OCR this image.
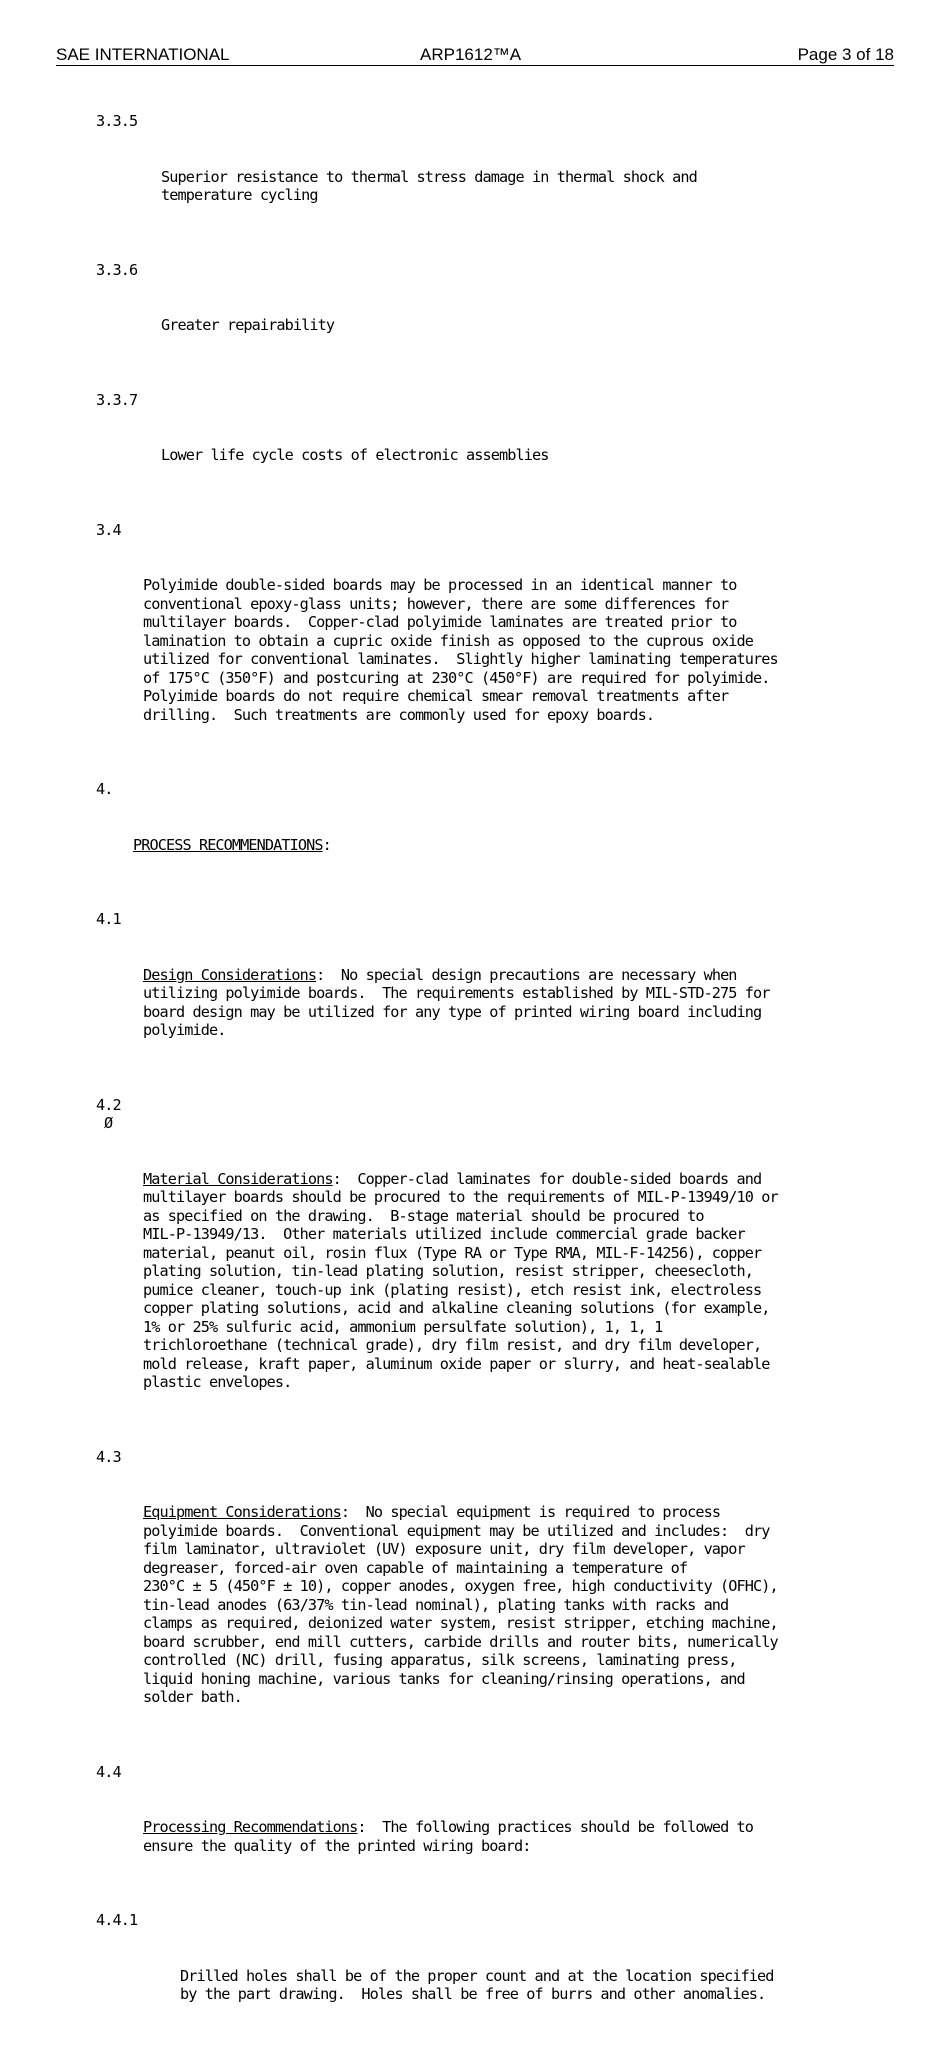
SAE INTERNATIONAL	ARP1612™A	Page 3 of 18

3.3.5

Superior resistance to thermal stress damage in thermal shock and
temperature cycling

3.3.6

Greater repairability

3.3.7

Lower life cycle costs of electronic assemblies

3.4

Polyimide double-sided boards may be processed in an identical manner to
conventional epoxy-glass units; however, there are some differences for
multilayer boards.  Copper-clad polyimide laminates are treated prior to
lamination to obtain a cupric oxide finish as opposed to the cuprous oxide
utilized for conventional laminates.  Slightly higher laminating temperatures
of 175°C (350°F) and postcuring at 230°C (450°F) are required for polyimide.
Polyimide boards do not require chemical smear removal treatments after
drilling.  Such treatments are commonly used for epoxy boards.

4.

PROCESS RECOMMENDATIONS:

4.1

Design Considerations:  No special design precautions are necessary when
utilizing polyimide boards.  The requirements established by MIL-STD-275 for
board design may be utilized for any type of printed wiring board including
polyimide.

4.2

Ø

Material Considerations:  Copper-clad laminates for double-sided boards and
multilayer boards should be procured to the requirements of MIL-P-13949/10 or
as specified on the drawing.  B-stage material should be procured to
MIL-P-13949/13.  Other materials utilized include commercial grade backer
material, peanut oil, rosin flux (Type RA or Type RMA, MIL-F-14256), copper
plating solution, tin-lead plating solution, resist stripper, cheesecloth,
pumice cleaner, touch-up ink (plating resist), etch resist ink, electroless
copper plating solutions, acid and alkaline cleaning solutions (for example,
1% or 25% sulfuric acid, ammonium persulfate solution), 1, 1, 1
trichloroethane (technical grade), dry film resist, and dry film developer,
mold release, kraft paper, aluminum oxide paper or slurry, and heat-sealable
plastic envelopes.

4.3

Equipment Considerations:  No special equipment is required to process
polyimide boards.  Conventional equipment may be utilized and includes:  dry
film laminator, ultraviolet (UV) exposure unit, dry film developer, vapor
degreaser, forced-air oven capable of maintaining a temperature of
230°C ± 5 (450°F ± 10), copper anodes, oxygen free, high conductivity (OFHC),
tin-lead anodes (63/37% tin-lead nominal), plating tanks with racks and
clamps as required, deionized water system, resist stripper, etching machine,
board scrubber, end mill cutters, carbide drills and router bits, numerically
controlled (NC) drill, fusing apparatus, silk screens, laminating press,
liquid honing machine, various tanks for cleaning/rinsing operations, and
solder bath.

4.4

Processing Recommendations:  The following practices should be followed to
ensure the quality of the printed wiring board:

4.4.1

Drilled holes shall be of the proper count and at the location specified
by the part drawing.  Holes shall be free of burrs and other anomalies.
